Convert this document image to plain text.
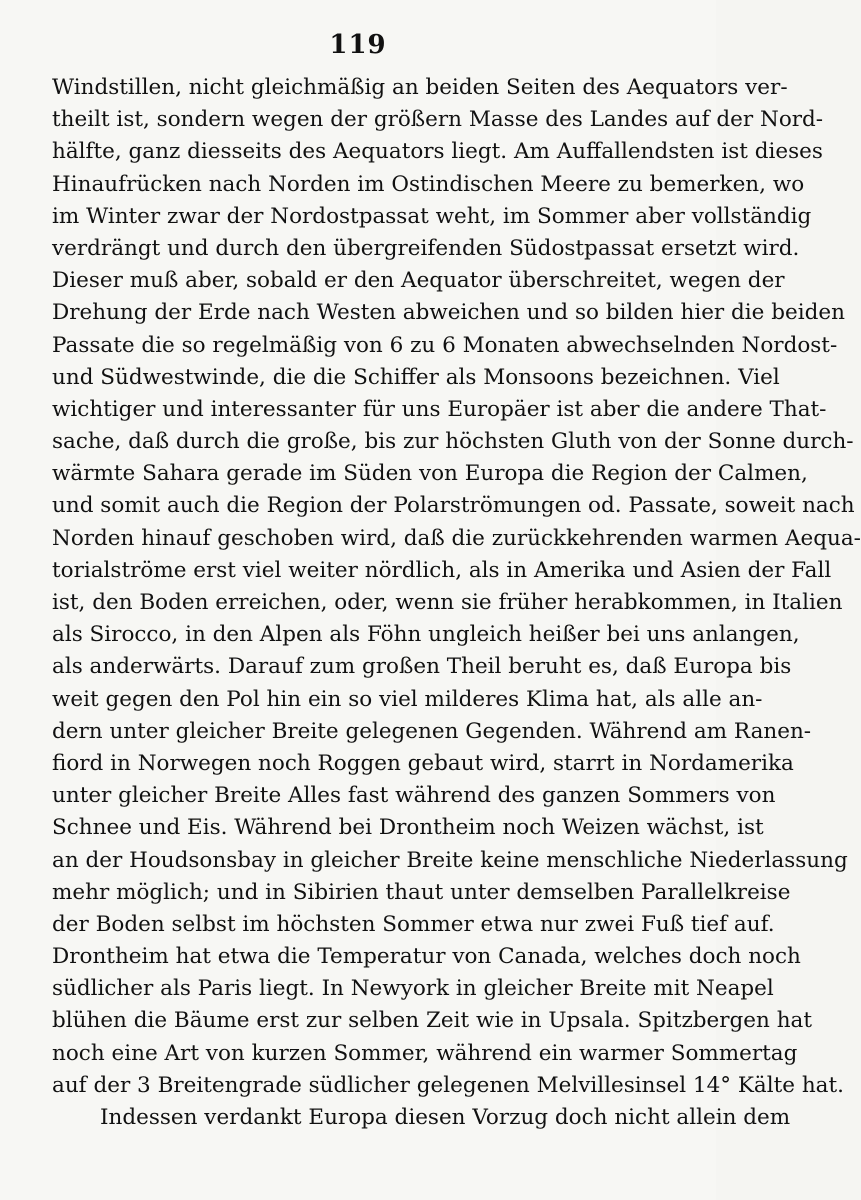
119
Windstillen, nicht gleichmäßig an beiden Seiten des Aequators ver-
theilt ist, sondern wegen der größern Masse des Landes auf der Nord-
hälfte, ganz diesseits des Aequators liegt. Am Auffallendsten ist dieses
Hinaufrücken nach Norden im Ostindischen Meere zu bemerken, wo
im Winter zwar der Nordostpassat weht, im Sommer aber vollständig
verdrängt und durch den übergreifenden Südostpassat ersetzt wird.
Dieser muß aber, sobald er den Aequator überschreitet, wegen der
Drehung der Erde nach Westen abweichen und so bilden hier die beiden
Passate die so regelmäßig von 6 zu 6 Monaten abwechselnden Nordost-
und Südwestwinde, die die Schiffer als Monsoons bezeichnen. Viel
wichtiger und interessanter für uns Europäer ist aber die andere That-
sache, daß durch die große, bis zur höchsten Gluth von der Sonne durch-
wärmte Sahara gerade im Süden von Europa die Region der Calmen,
und somit auch die Region der Polarströmungen od. Passate, soweit nach
Norden hinauf geschoben wird, daß die zurückkehrenden warmen Aequa-
torialströme erst viel weiter nördlich, als in Amerika und Asien der Fall
ist, den Boden erreichen, oder, wenn sie früher herabkommen, in Italien
als Sirocco, in den Alpen als Föhn ungleich heißer bei uns anlangen,
als anderwärts. Darauf zum großen Theil beruht es, daß Europa bis
weit gegen den Pol hin ein so viel milderes Klima hat, als alle an-
dern unter gleicher Breite gelegenen Gegenden. Während am Ranen-
fiord in Norwegen noch Roggen gebaut wird, starrt in Nordamerika
unter gleicher Breite Alles fast während des ganzen Sommers von
Schnee und Eis. Während bei Drontheim noch Weizen wächst, ist
an der Houdsonsbay in gleicher Breite keine menschliche Niederlassung
mehr möglich; und in Sibirien thaut unter demselben Parallelkreise
der Boden selbst im höchsten Sommer etwa nur zwei Fuß tief auf.
Drontheim hat etwa die Temperatur von Canada, welches doch noch
südlicher als Paris liegt. In Newyork in gleicher Breite mit Neapel
blühen die Bäume erst zur selben Zeit wie in Upsala. Spitzbergen hat
noch eine Art von kurzen Sommer, während ein warmer Sommertag
auf der 3 Breitengrade südlicher gelegenen Melvillesinsel 14° Kälte hat.
Indessen verdankt Europa diesen Vorzug doch nicht allein dem
